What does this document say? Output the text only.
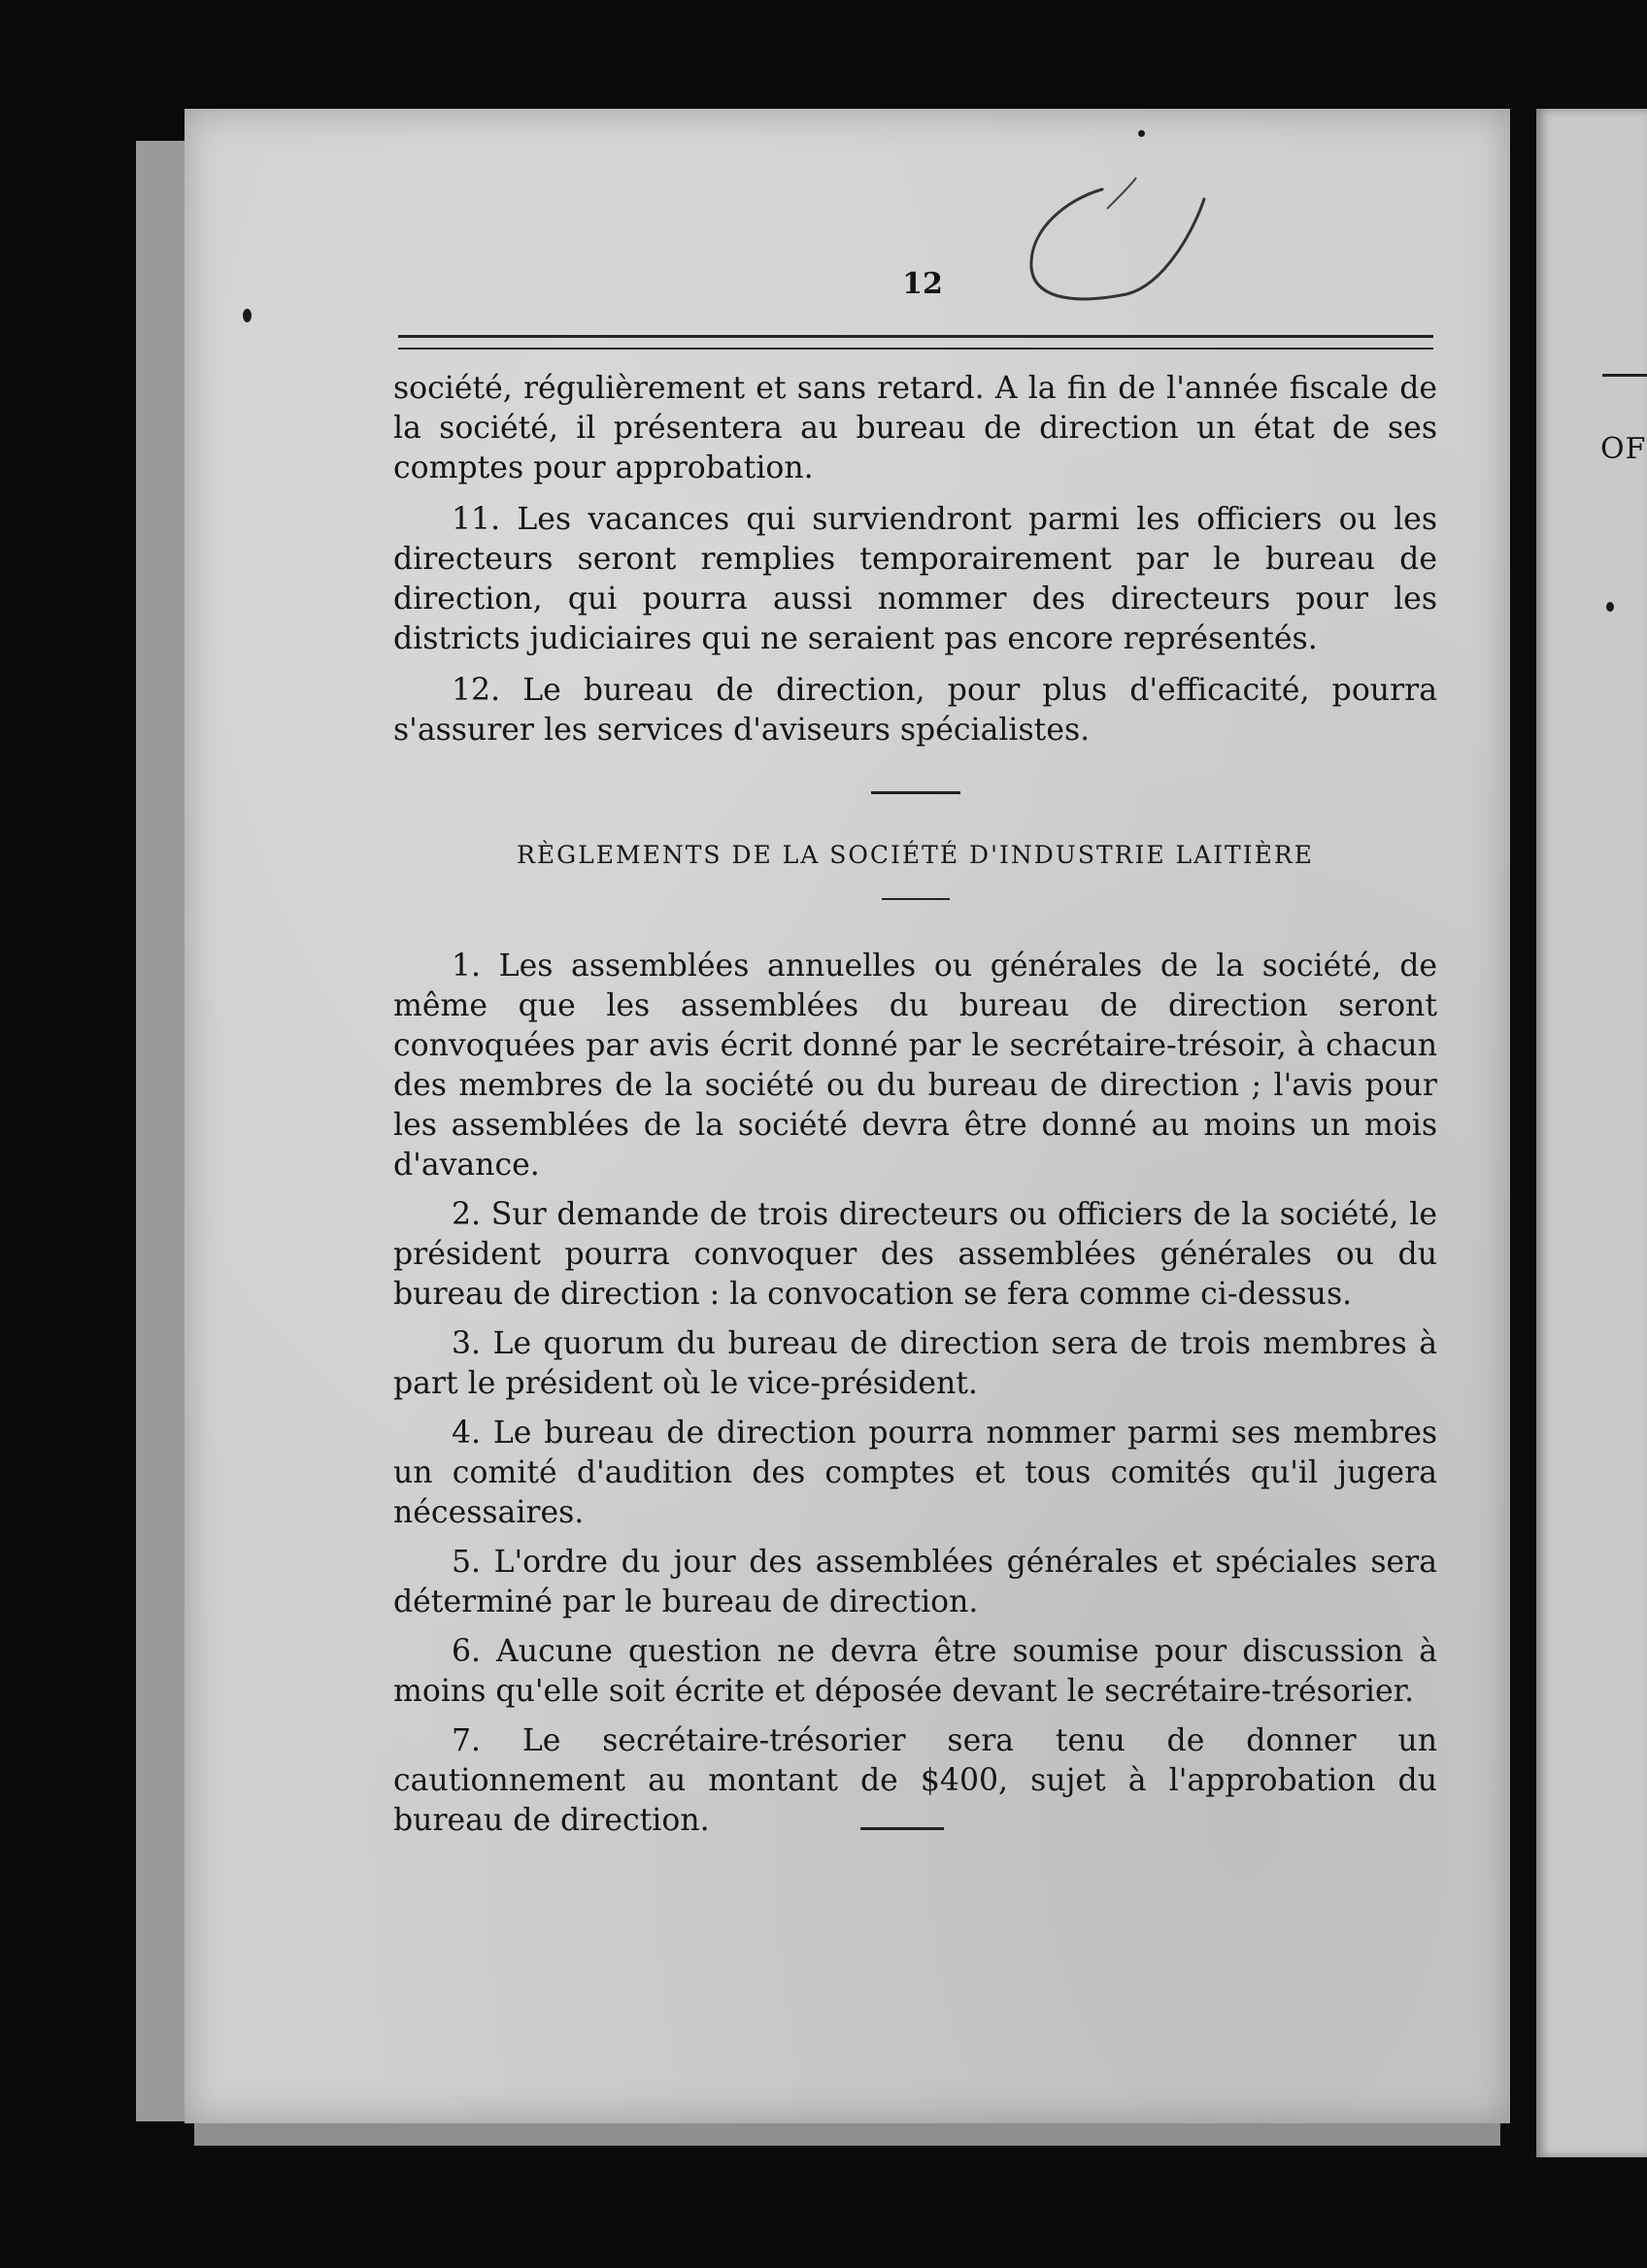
OF
12

société, régulièrement et sans retard. A la fin de l'année fiscale de la société, il présentera au bureau de direction un état de ses comptes pour approbation.

11. Les vacances qui surviendront parmi les officiers ou les directeurs seront remplies temporairement par le bureau de direction, qui pourra aussi nommer des directeurs pour les districts judiciaires qui ne seraient pas encore représentés.

12. Le bureau de direction, pour plus d'efficacité, pourra s'assurer les services d'aviseurs spécialistes.

RÈGLEMENTS DE LA SOCIÉTÉ D'INDUSTRIE LAITIÈRE

1. Les assemblées annuelles ou générales de la société, de même que les assemblées du bureau de direction seront convoquées par avis écrit donné par le secrétaire-trésoir, à chacun des membres de la société ou du bureau de direction ; l'avis pour les assemblées de la société devra être donné au moins un mois d'avance.

2. Sur demande de trois directeurs ou officiers de la société, le président pourra convoquer des assemblées générales ou du bureau de direction : la convocation se fera comme ci-dessus.

3. Le quorum du bureau de direction sera de trois membres à part le président où le vice-président.

4. Le bureau de direction pourra nommer parmi ses membres un comité d'audition des comptes et tous comités qu'il jugera nécessaires.

5. L'ordre du jour des assemblées générales et spéciales sera déterminé par le bureau de direction.

6. Aucune question ne devra être soumise pour discussion à moins qu'elle soit écrite et déposée devant le secrétaire-trésorier.

7. Le secrétaire-trésorier sera tenu de donner un cautionnement au montant de $400, sujet à l'approbation du bureau de direction.
